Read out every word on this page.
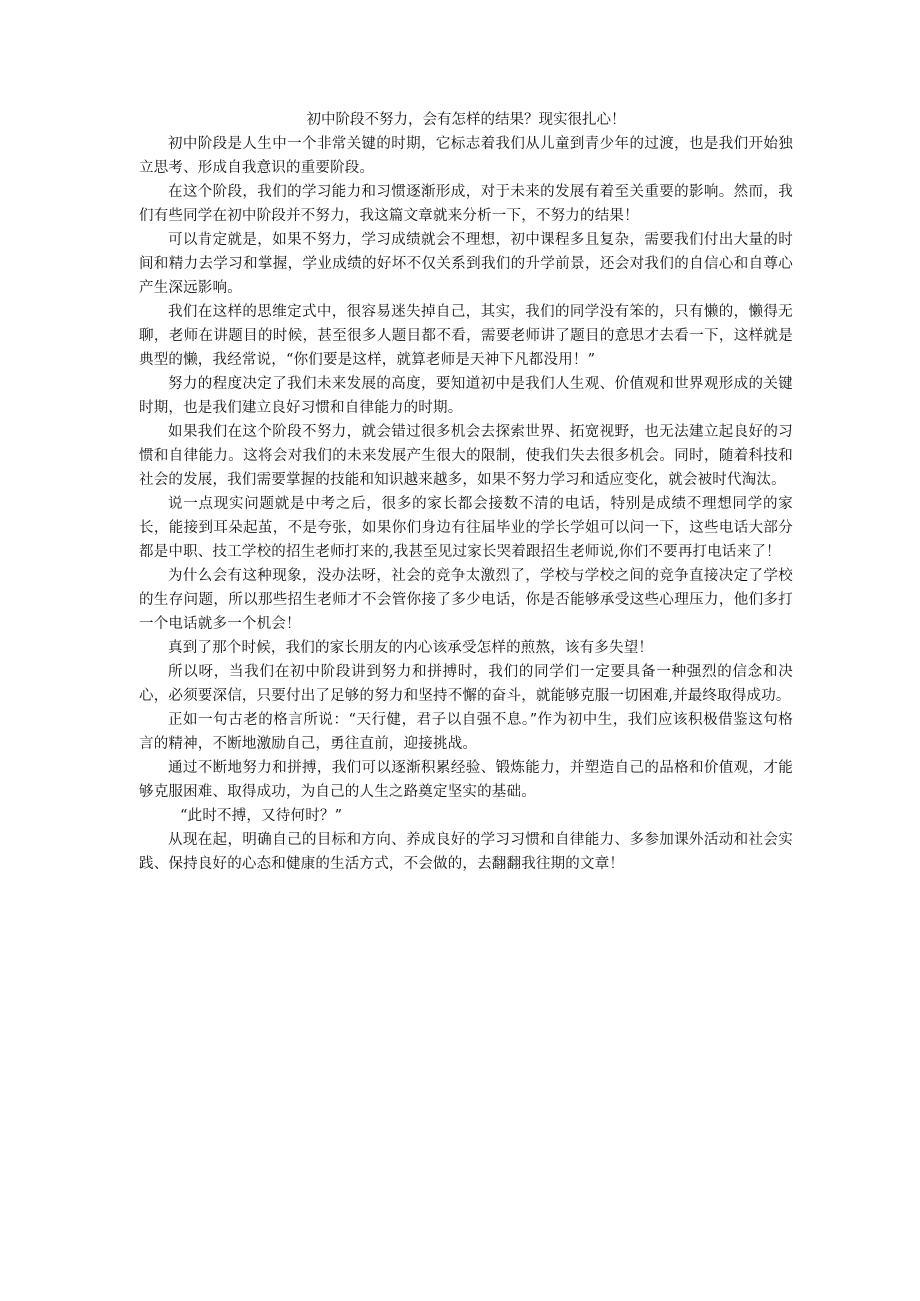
初中阶段不努力，会有怎样的结果？现实很扎心！

初中阶段是人生中一个非常关键的时期，它标志着我们从儿童到青少年的过渡，也是我们开始独立思考、形成自我意识的重要阶段。

在这个阶段，我们的学习能力和习惯逐渐形成，对于未来的发展有着至关重要的影响。然而，我们有些同学在初中阶段并不努力，我这篇文章就来分析一下，不努力的结果！

可以肯定就是，如果不努力，学习成绩就会不理想，初中课程多且复杂，需要我们付出大量的时间和精力去学习和掌握，学业成绩的好坏不仅关系到我们的升学前景，还会对我们的自信心和自尊心产生深远影响。

我们在这样的思维定式中，很容易迷失掉自己，其实，我们的同学没有笨的，只有懒的，懒得无聊，老师在讲题目的时候，甚至很多人题目都不看，需要老师讲了题目的意思才去看一下，这样就是典型的懒，我经常说，“你们要是这样，就算老师是天神下凡都没用！”

努力的程度决定了我们未来发展的高度，要知道初中是我们人生观、价值观和世界观形成的关键时期，也是我们建立良好习惯和自律能力的时期。

如果我们在这个阶段不努力，就会错过很多机会去探索世界、拓宽视野，也无法建立起良好的习惯和自律能力。这将会对我们的未来发展产生很大的限制，使我们失去很多机会。同时，随着科技和社会的发展，我们需要掌握的技能和知识越来越多，如果不努力学习和适应变化，就会被时代淘汰。

说一点现实问题就是中考之后，很多的家长都会接数不清的电话，特别是成绩不理想同学的家长，能接到耳朵起茧，不是夸张，如果你们身边有往届毕业的学长学姐可以问一下，这些电话大部分都是中职、技工学校的招生老师打来的,我甚至见过家长哭着跟招生老师说,你们不要再打电话来了！

为什么会有这种现象，没办法呀，社会的竞争太激烈了，学校与学校之间的竞争直接决定了学校的生存问题，所以那些招生老师才不会管你接了多少电话，你是否能够承受这些心理压力，他们多打一个电话就多一个机会！

真到了那个时候，我们的家长朋友的内心该承受怎样的煎熬，该有多失望！

所以呀，当我们在初中阶段讲到努力和拼搏时，我们的同学们一定要具备一种强烈的信念和决心，必须要深信，只要付出了足够的努力和坚持不懈的奋斗，就能够克服一切困难,并最终取得成功。

正如一句古老的格言所说：“天行健，君子以自强不息。”作为初中生，我们应该积极借鉴这句格言的精神，不断地激励自己，勇往直前，迎接挑战。

通过不断地努力和拼搏，我们可以逐渐积累经验、锻炼能力，并塑造自己的品格和价值观，才能够克服困难、取得成功，为自己的人生之路奠定坚实的基础。

“此时不搏，又待何时？”

从现在起，明确自己的目标和方向、养成良好的学习习惯和自律能力、多参加课外活动和社会实践、保持良好的心态和健康的生活方式，不会做的，去翻翻我往期的文章！
